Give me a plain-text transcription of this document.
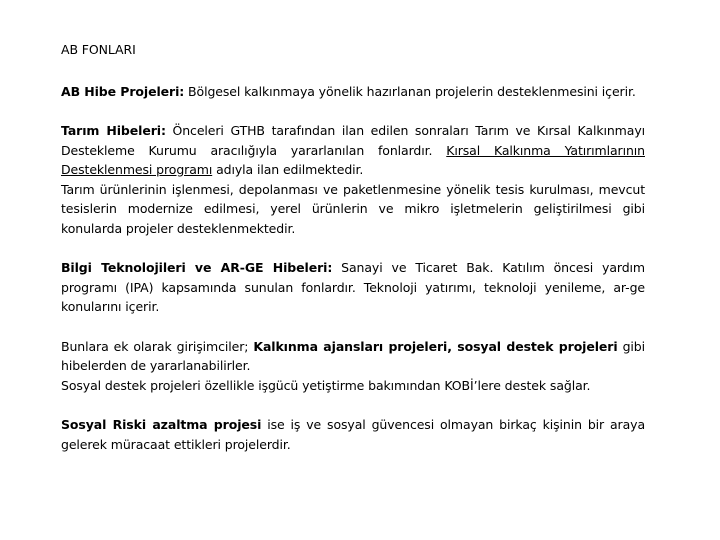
AB FONLARI

AB Hibe Projeleri: Bölgesel kalkınmaya yönelik hazırlanan projelerin desteklenmesini içerir.

Tarım Hibeleri: Önceleri GTHB tarafından ilan edilen sonraları Tarım ve Kırsal Kalkınmayı Destekleme Kurumu aracılığıyla yararlanılan fonlardır. Kırsal Kalkınma Yatırımlarının Desteklenmesi programı adıyla ilan edilmektedir.

Tarım ürünlerinin işlenmesi, depolanması ve paketlenmesine yönelik tesis kurulması, mevcut tesislerin modernize edilmesi, yerel ürünlerin ve mikro işletmelerin geliştirilmesi gibi konularda projeler desteklenmektedir.

Bilgi Teknolojileri ve AR-GE Hibeleri: Sanayi ve Ticaret Bak. Katılım öncesi yardım programı (IPA) kapsamında sunulan fonlardır. Teknoloji yatırımı, teknoloji yenileme, ar-ge konularını içerir.

Bunlara ek olarak girişimciler; Kalkınma ajansları projeleri, sosyal destek projeleri gibi hibelerden de yararlanabilirler.

Sosyal destek projeleri özellikle işgücü yetiştirme bakımından KOBİ’lere destek sağlar.

Sosyal Riski azaltma projesi ise iş ve sosyal güvencesi olmayan birkaç kişinin bir araya gelerek müracaat ettikleri projelerdir.
